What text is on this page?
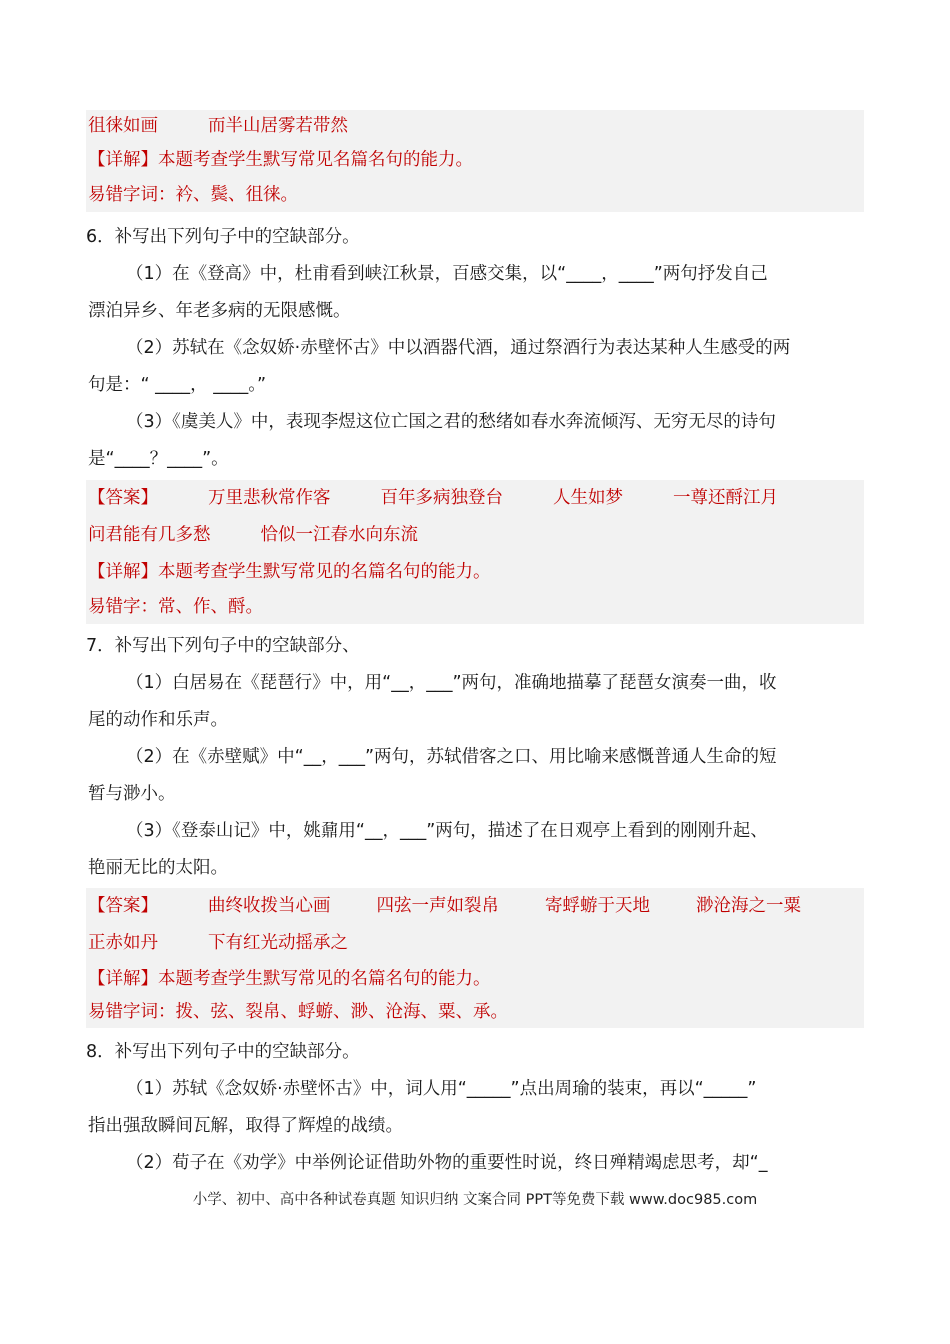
徂徕如画	而半山居雾若带然
【详解】本题考查学生默写常见名篇名句的能力。
易错字词：衿、鬓、徂徕。
6．补写出下列句子中的空缺部分。
（1）在《登高》中，杜甫看到峡江秋景，百感交集，以“____，____”两句抒发自己
漂泊异乡、年老多病的无限感慨。
（2）苏轼在《念奴娇·赤壁怀古》中以酒器代酒，通过祭酒行为表达某种人生感受的两
句是：“ ____， ____。”
（3）《虞美人》中，表现李煜这位亡国之君的愁绪如春水奔流倾泻、无穷无尽的诗句
是“____？____”。
【答案】	万里悲秋常作客	百年多病独登台	人生如梦	一尊还酹江月
问君能有几多愁	恰似一江春水向东流
【详解】本题考查学生默写常见的名篇名句的能力。
易错字：常、作、酹。
7．补写出下列句子中的空缺部分、
（1）白居易在《琵琶行》中，用“__，___”两句，准确地描摹了琵琶女演奏一曲，收
尾的动作和乐声。
（2）在《赤壁赋》中“__，___”两句，苏轼借客之口、用比喻来感慨普通人生命的短
暂与渺小。
（3）《登泰山记》中，姚鼐用“__，___”两句，描述了在日观亭上看到的刚刚升起、
艳丽无比的太阳。
【答案】	曲终收拨当心画	四弦一声如裂帛	寄蜉蝣于天地	渺沧海之一粟
正赤如丹	下有红光动摇承之
【详解】本题考查学生默写常见的名篇名句的能力。
易错字词：拨、弦、裂帛、蜉蝣、渺、沧海、粟、承。
8．补写出下列句子中的空缺部分。
（1）苏轼《念奴娇·赤壁怀古》中，词人用“_____”点出周瑜的装束，再以“_____”
指出强敌瞬间瓦解，取得了辉煌的战绩。
（2）荀子在《劝学》中举例论证借助外物的重要性时说，终日殚精竭虑思考，却“_
小学、初中、高中各种试卷真题 知识归纳 文案合同 PPT等免费下载 www.doc985.com
